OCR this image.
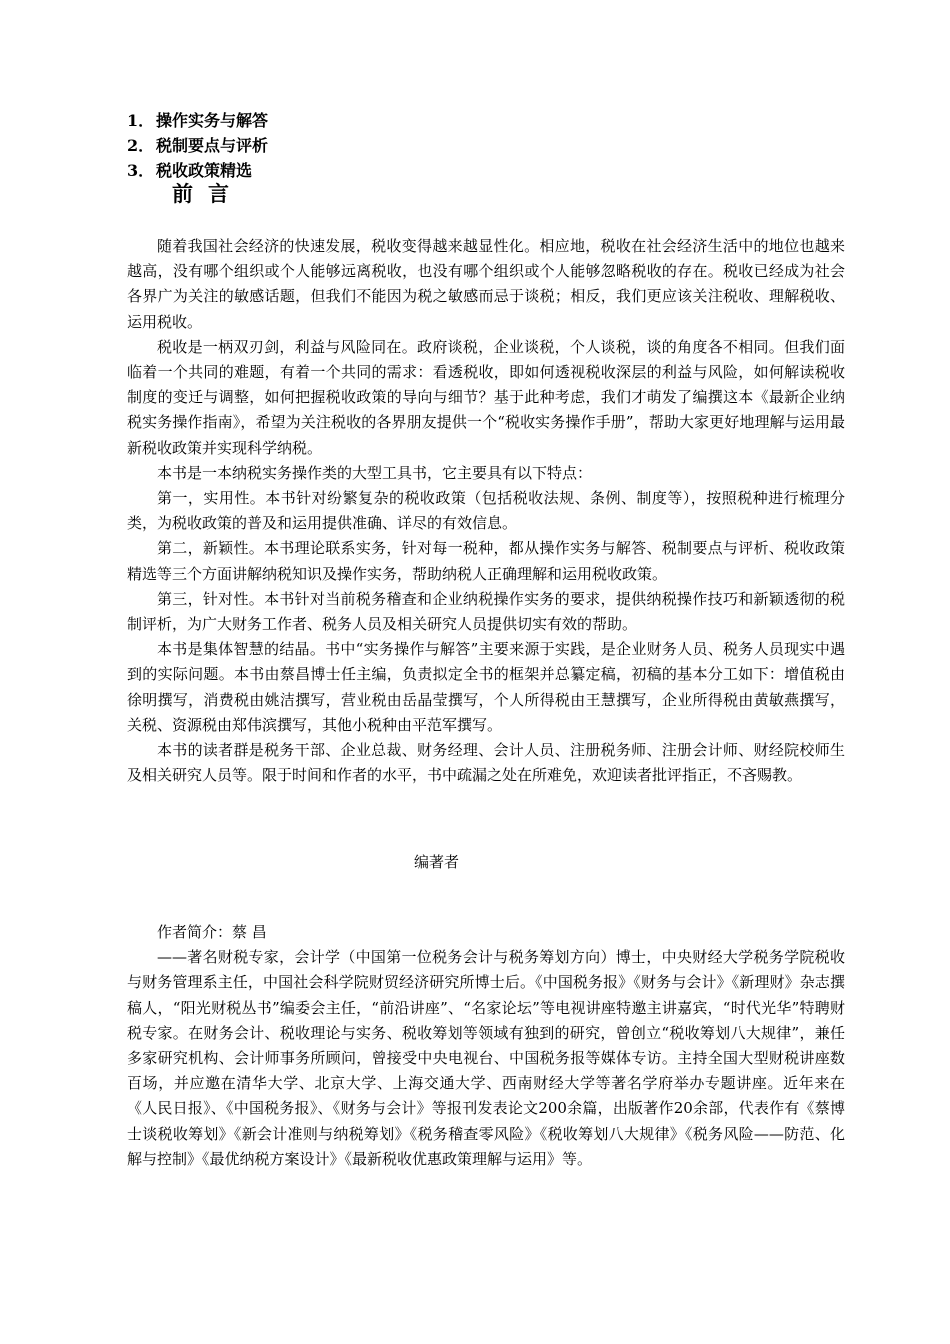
1． 操作实务与解答
2． 税制要点与评析
3． 税收政策精选
前言

随着我国社会经济的快速发展，税收变得越来越显性化。相应地，税收在社会经济生活中的地位也越来越高，没有哪个组织或个人能够远离税收，也没有哪个组织或个人能够忽略税收的存在。税收已经成为社会各界广为关注的敏感话题，但我们不能因为税之敏感而忌于谈税；相反，我们更应该关注税收、理解税收、运用税收。

税收是一柄双刃剑，利益与风险同在。政府谈税，企业谈税，个人谈税，谈的角度各不相同。但我们面临着一个共同的难题，有着一个共同的需求：看透税收，即如何透视税收深层的利益与风险，如何解读税收制度的变迁与调整，如何把握税收政策的导向与细节？基于此种考虑，我们才萌发了编撰这本《最新企业纳税实务操作指南》，希望为关注税收的各界朋友提供一个“税收实务操作手册”，帮助大家更好地理解与运用最新税收政策并实现科学纳税。

本书是一本纳税实务操作类的大型工具书，它主要具有以下特点：

第一，实用性。本书针对纷繁复杂的税收政策（包括税收法规、条例、制度等），按照税种进行梳理分类，为税收政策的普及和运用提供准确、详尽的有效信息。

第二，新颖性。本书理论联系实务，针对每一税种，都从操作实务与解答、税制要点与评析、税收政策精选等三个方面讲解纳税知识及操作实务，帮助纳税人正确理解和运用税收政策。

第三，针对性。本书针对当前税务稽查和企业纳税操作实务的要求，提供纳税操作技巧和新颖透彻的税制评析，为广大财务工作者、税务人员及相关研究人员提供切实有效的帮助。

本书是集体智慧的结晶。书中“实务操作与解答”主要来源于实践，是企业财务人员、税务人员现实中遇到的实际问题。本书由蔡昌博士任主编，负责拟定全书的框架并总纂定稿，初稿的基本分工如下：增值税由徐明撰写，消费税由姚洁撰写，营业税由岳晶莹撰写，个人所得税由王慧撰写，企业所得税由黄敏燕撰写，关税、资源税由郑伟滨撰写，其他小税种由平范军撰写。

本书的读者群是税务干部、企业总裁、财务经理、会计人员、注册税务师、注册会计师、财经院校师生及相关研究人员等。限于时间和作者的水平，书中疏漏之处在所难免，欢迎读者批评指正，不吝赐教。

编著者

作者简介：蔡 昌

——著名财税专家，会计学（中国第一位税务会计与税务筹划方向）博士，中央财经大学税务学院税收与财务管理系主任，中国社会科学院财贸经济研究所博士后。《中国税务报》《财务与会计》《新理财》杂志撰稿人，“阳光财税丛书”编委会主任，“前沿讲座”、“名家论坛”等电视讲座特邀主讲嘉宾，“时代光华”特聘财税专家。在财务会计、税收理论与实务、税收筹划等领域有独到的研究，曾创立“税收筹划八大规律”，兼任多家研究机构、会计师事务所顾问，曾接受中央电视台、中国税务报等媒体专访。主持全国大型财税讲座数百场，并应邀在清华大学、北京大学、上海交通大学、西南财经大学等著名学府举办专题讲座。近年来在《人民日报》、《中国税务报》、《财务与会计》等报刊发表论文200余篇，出版著作20余部，代表作有《蔡博士谈税收筹划》《新会计准则与纳税筹划》《税务稽查零风险》《税收筹划八大规律》《税务风险——防范、化解与控制》《最优纳税方案设计》《最新税收优惠政策理解与运用》等。
